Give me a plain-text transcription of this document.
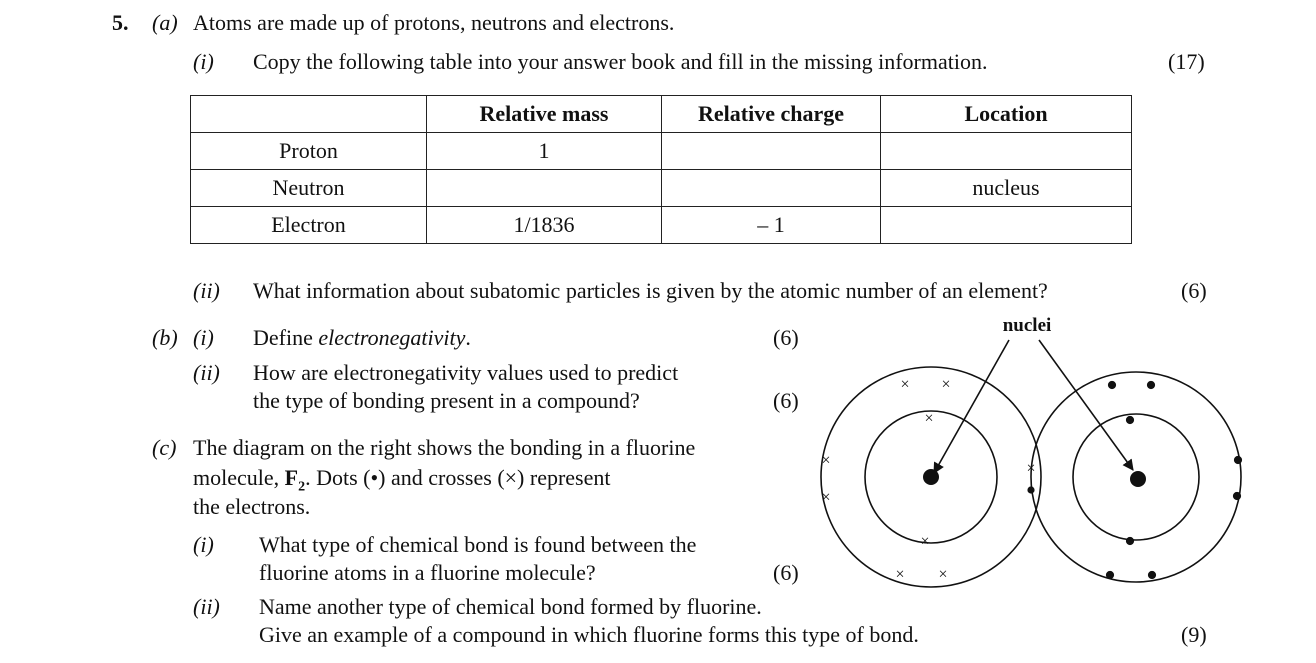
5. (a) Atoms are made up of protons, neutrons and electrons.
(i) Copy the following table into your answer book and fill in the missing information.	(17)
	Relative mass	Relative charge	Location
Proton	1		
Neutron			nucleus
Electron	1/1836	– 1	
(ii) What information about subatomic particles is given by the atomic number of an element?	(6)
(b) (i) Define electronegativity.	(6)
(ii) How are electronegativity values used to predict
the type of bonding present in a compound?	(6)
(c) The diagram on the right shows the bonding in a fluorine
molecule, $F_2$. Dots (•) and crosses (×) represent
the electrons.
(i) What type of chemical bond is found between the
fluorine atoms in a fluorine molecule?	(6)
(ii) Name another type of chemical bond formed by fluorine.
Give an example of a compound in which fluorine forms this type of bond.	(9)
nuclei
× ×
×
×
× ×
×
×
×
